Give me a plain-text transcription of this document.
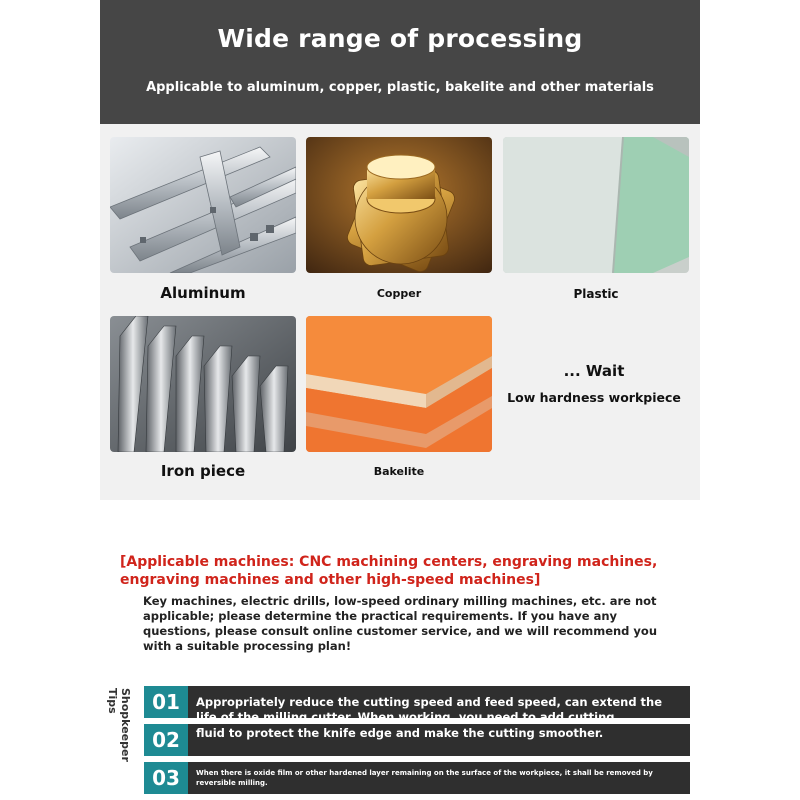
Wide range of processing
Applicable to aluminum, copper, plastic, bakelite and other materials
Aluminum	Copper	Plastic
Iron piece	Bakelite
... Wait
Low hardness workpiece
[Applicable machines: CNC machining centers, engraving machines, engraving machines and other high-speed machines]
Key machines, electric drills, low-speed ordinary milling machines, etc. are not applicable; please determine the practical requirements. If you have any questions, please consult online customer service, and we will recommend you with a suitable processing plan!
Shopkeeper Tips	01	Appropriately reduce the cutting speed and feed speed, can extend the life of the milling cutter. When working, you need to add cutting
02	fluid to protect the knife edge and make the cutting smoother.
03	When there is oxide film or other hardened layer remaining on the surface of the workpiece, it shall be removed by reversible milling.
